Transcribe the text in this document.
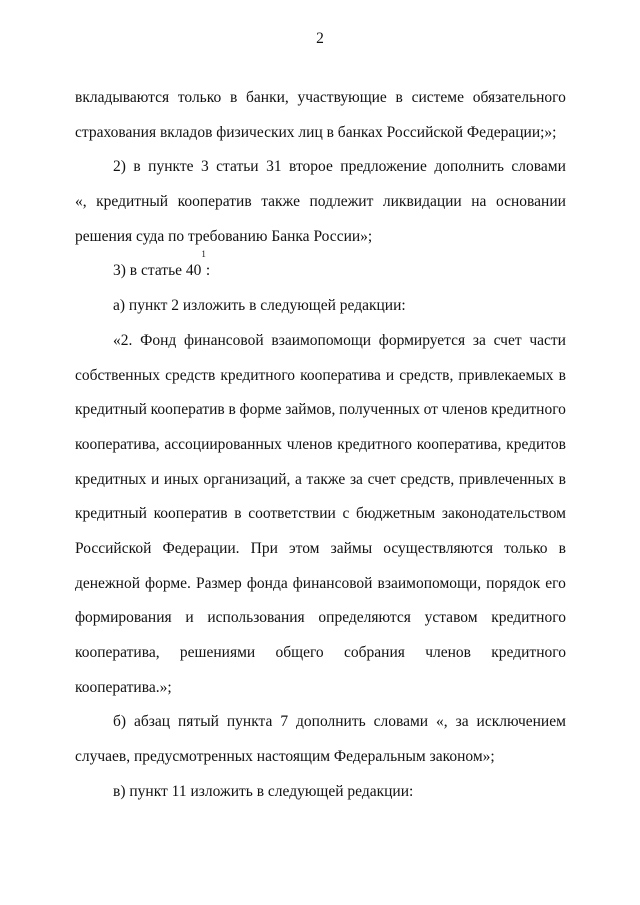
2
вкладываются только в банки, участвующие в системе обязательного
страхования вкладов физических лиц в банках Российской Федерации;»;
2) в пункте 3 статьи 31 второе предложение дополнить словами
«, кредитный кооператив также подлежит ликвидации на основании
решения суда по требованию Банка России»;
3) в статье 40
1
:
а) пункт 2 изложить в следующей редакции:
«2. Фонд финансовой взаимопомощи формируется за счет части
собственных средств кредитного кооператива и средств, привлекаемых в
кредитный кооператив в форме займов, полученных от членов кредитного
кооператива, ассоциированных членов кредитного кооператива, кредитов
кредитных и иных организаций, а также за счет средств, привлеченных в
кредитный кооператив в соответствии с бюджетным законодательством
Российской Федерации. При этом займы осуществляются только в
денежной форме. Размер фонда финансовой взаимопомощи, порядок его
формирования и использования определяются уставом кредитного
кооператива, решениями общего собрания членов кредитного
кооператива.»;
б) абзац пятый пункта 7 дополнить словами «, за исключением
случаев, предусмотренных настоящим Федеральным законом»;
в) пункт 11 изложить в следующей редакции:
